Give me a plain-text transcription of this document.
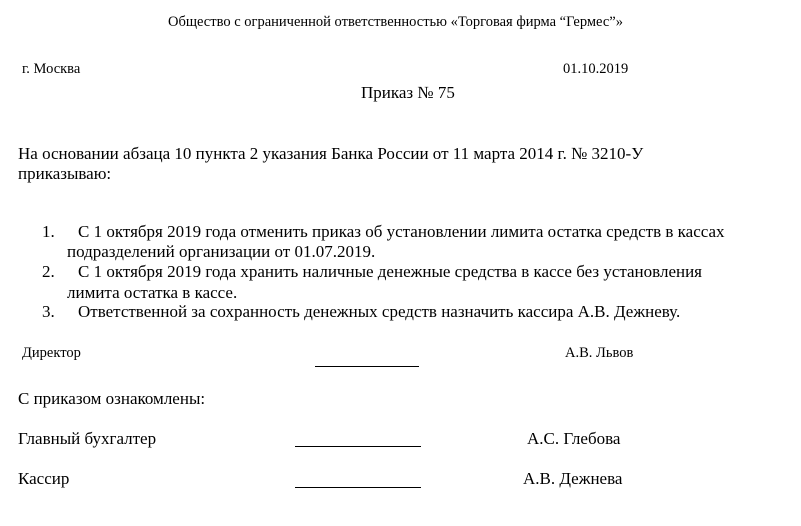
Общество с ограниченной ответственностью «Торговая фирма “Гермес”»
г. Москва	01.10.2019
Приказ № 75
На основании абзаца 10 пункта 2 указания Банка России от 11 марта 2014 г. № 3210-У
приказываю:
1. С 1 октября 2019 года отменить приказ об установлении лимита остатка средств в кассах
подразделений организации от 01.07.2019.
2. С 1 октября 2019 года хранить наличные денежные средства в кассе без установления
лимита остатка в кассе.
3. Ответственной за сохранность денежных средств назначить кассира А.В. Дежневу.
Директор	А.В. Львов
С приказом ознакомлены:
Главный бухгалтер	А.С. Глебова
Кассир	А.В. Дежнева
